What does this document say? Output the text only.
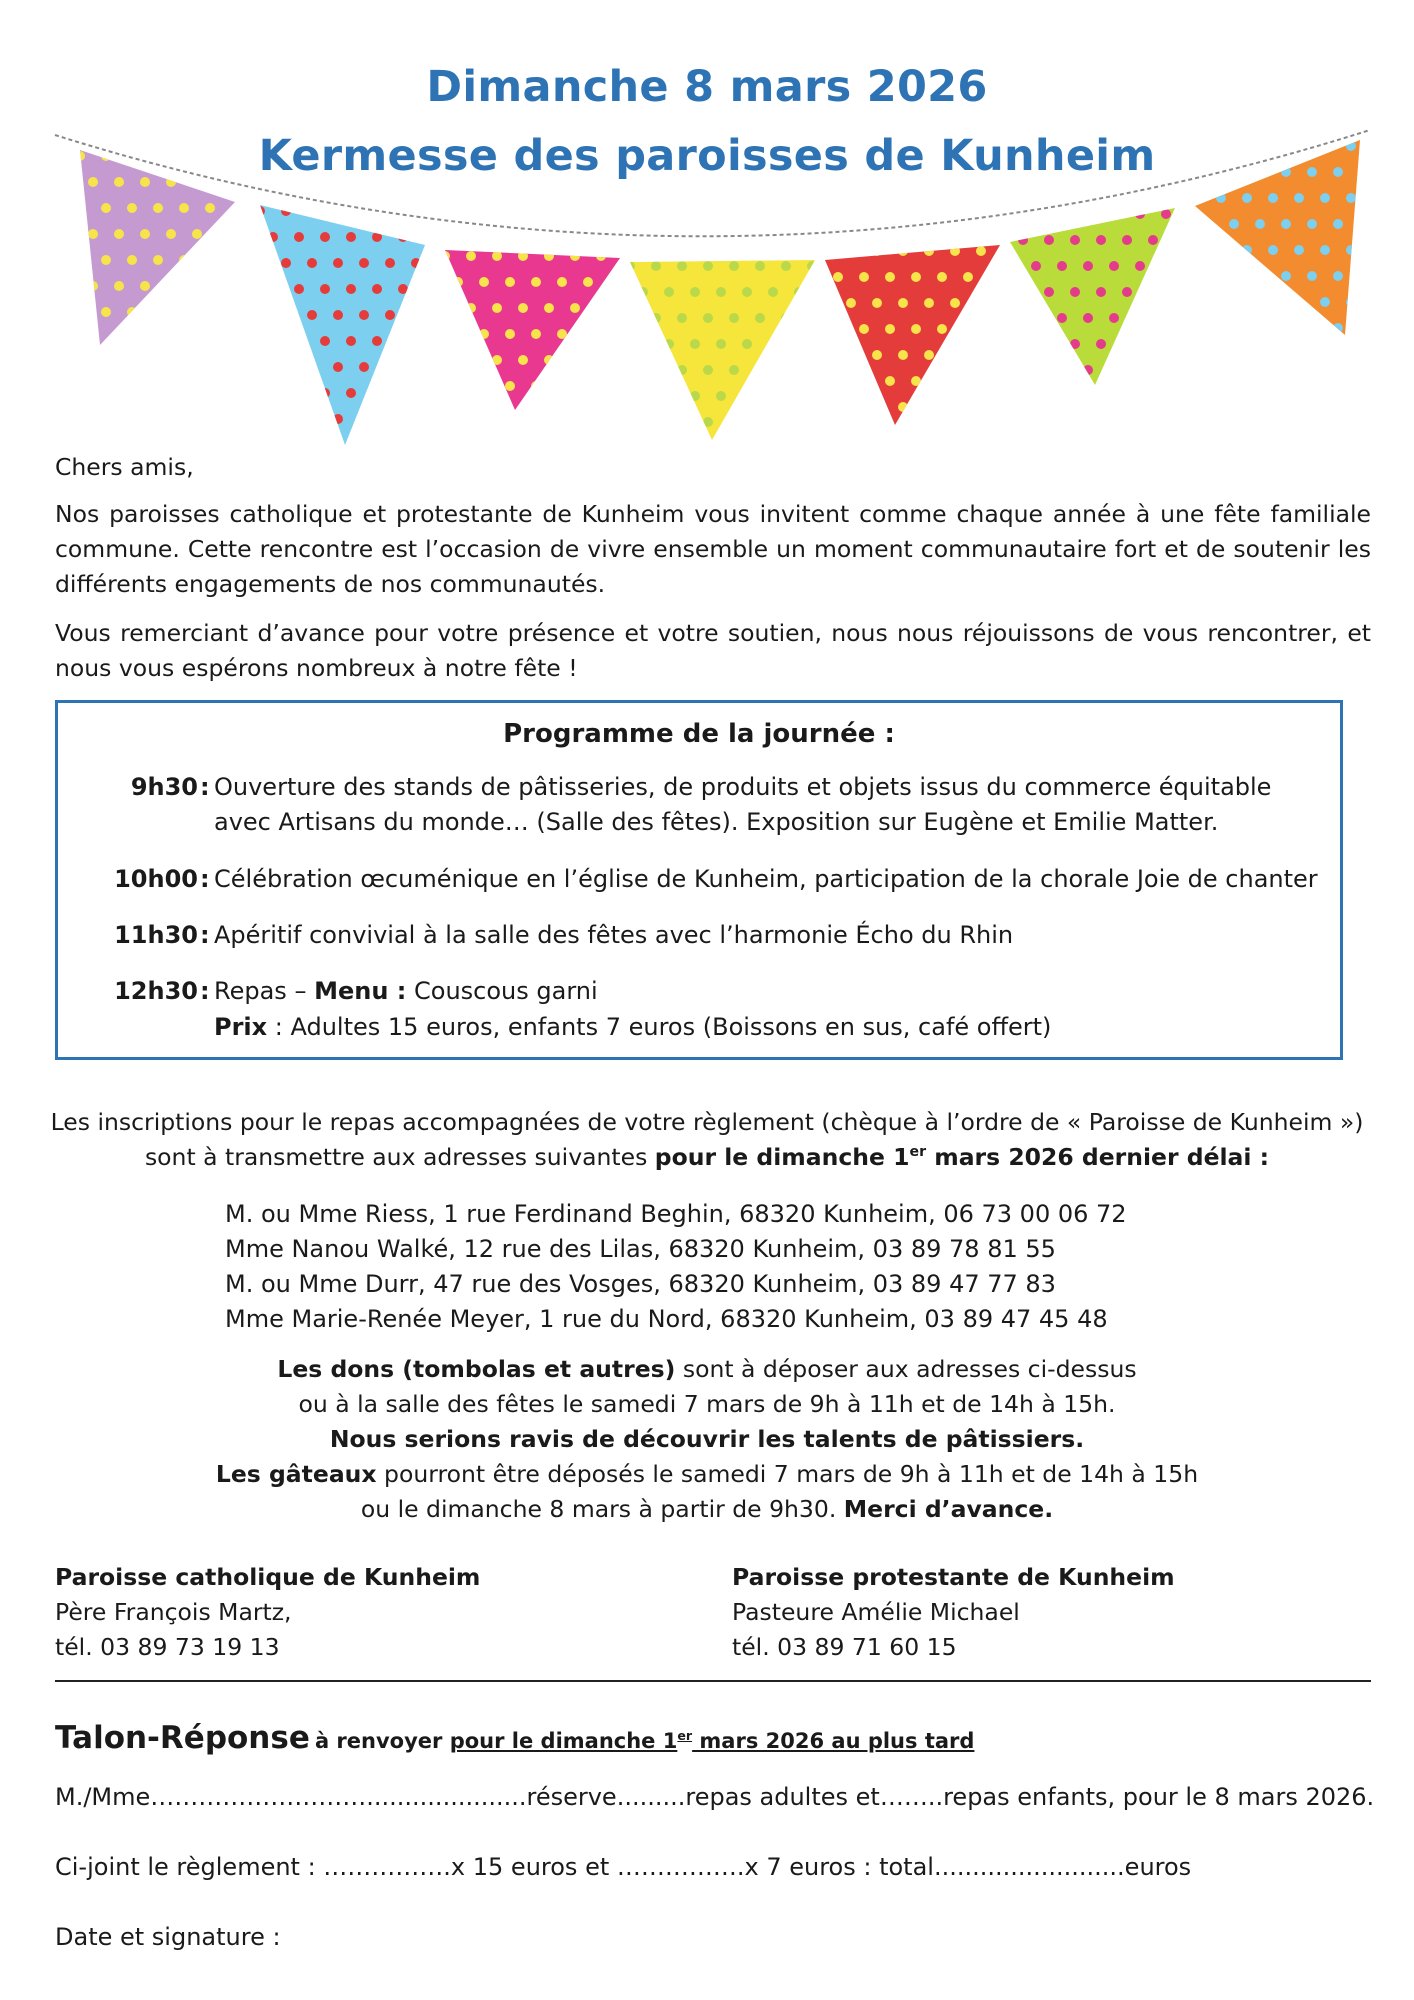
Dimanche 8 mars 2026
Kermesse des paroisses de Kunheim

Chers amis,

Nos paroisses catholique et protestante de Kunheim vous invitent comme chaque année à une fête familiale commune. Cette rencontre est l’occasion de vivre ensemble un moment communautaire fort et de soutenir les différents engagements de nos communautés.

Vous remerciant d’avance pour votre présence et votre soutien, nous nous réjouissons de vous rencontrer, et nous vous espérons nombreux à notre fête !

Programme de la journée :
9h30 : Ouverture des stands de pâtisseries, de produits et objets issus du commerce équitable
avec Artisans du monde… (Salle des fêtes). Exposition sur Eugène et Emilie Matter.
10h00 : Célébration œcuménique en l’église de Kunheim, participation de la chorale Joie de chanter
11h30 : Apéritif convivial à la salle des fêtes avec l’harmonie Écho du Rhin
12h30 : Repas – Menu : Couscous garni
Prix : Adultes 15 euros, enfants 7 euros (Boissons en sus, café offert)
Les inscriptions pour le repas accompagnées de votre règlement (chèque à l’ordre de « Paroisse de Kunheim »)
sont à transmettre aux adresses suivantes pour le dimanche 1er mars 2026 dernier délai :
M. ou Mme Riess, 1 rue Ferdinand Beghin, 68320 Kunheim, 06 73 00 06 72
Mme Nanou Walké, 12 rue des Lilas, 68320 Kunheim, 03 89 78 81 55
M. ou Mme Durr, 47 rue des Vosges, 68320 Kunheim, 03 89 47 77 83
Mme Marie-Renée Meyer, 1 rue du Nord, 68320 Kunheim, 03 89 47 45 48
Les dons (tombolas et autres) sont à déposer aux adresses ci-dessus
ou à la salle des fêtes le samedi 7 mars de 9h à 11h et de 14h à 15h.
Nous serions ravis de découvrir les talents de pâtissiers.
Les gâteaux pourront être déposés le samedi 7 mars de 9h à 11h et de 14h à 15h
ou le dimanche 8 mars à partir de 9h30. Merci d’avance.
Paroisse catholique de Kunheim
Père François Martz,
tél. 03 89 73 19 13
Paroisse protestante de Kunheim
Pasteure Amélie Michael
tél. 03 89 71 60 15
Talon-Réponse à renvoyer pour le dimanche 1er mars 2026 au plus tard
M./Mme……………………….....................réserve.........repas adultes et……..repas enfants, pour le 8 mars 2026.
Ci-joint le règlement : …………….x 15 euros et …………….x 7 euros : total.........................euros
Date et signature :
